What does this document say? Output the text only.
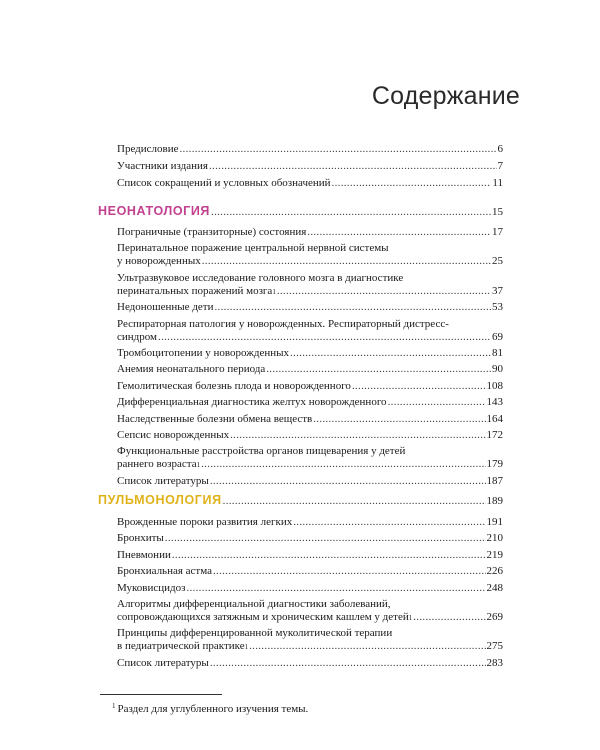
Содержание
Предисловие .....	6
Участники издания .....	7
Список сокращений и условных обозначений .....	11
НЕОНАТОЛОГИЯ .....	15
Пограничные (транзиторные) состояния .....	17
Перинатальное поражение центральной нервной системы
у новорожденных .....	25
Ультразвуковое исследование головного мозга в диагностике
перинатальных поражений мозга 1 .....	37
Недоношенные дети .....	53
Респираторная патология у новорожденных. Респираторный дистресс-
синдром .....	69
Тромбоцитопении у новорожденных .....	81
Анемия неонатального периода .....	90
Гемолитическая болезнь плода и новорожденного .....	108
Дифференциальная диагностика желтух новорожденного .....	143
Наследственные болезни обмена веществ .....	164
Сепсис новорожденных .....	172
Функциональные расстройства органов пищеварения у детей
раннего возраста 1 .....	179
Список литературы .....	187
ПУЛЬМОНОЛОГИЯ .....	189
Врожденные пороки развития легких .....	191
Бронхиты .....	210
Пневмонии .....	219
Бронхиальная астма .....	226
Муковисцидоз .....	248
Алгоритмы дифференциальной диагностики заболеваний,
сопровождающихся затяжным и хроническим кашлем у детей 1 .....	269
Принципы дифференцированной муколитической терапии
в педиатрической практике 1 .....	275
Список литературы .....	283
$^1$ Раздел для углубленного изучения темы.
